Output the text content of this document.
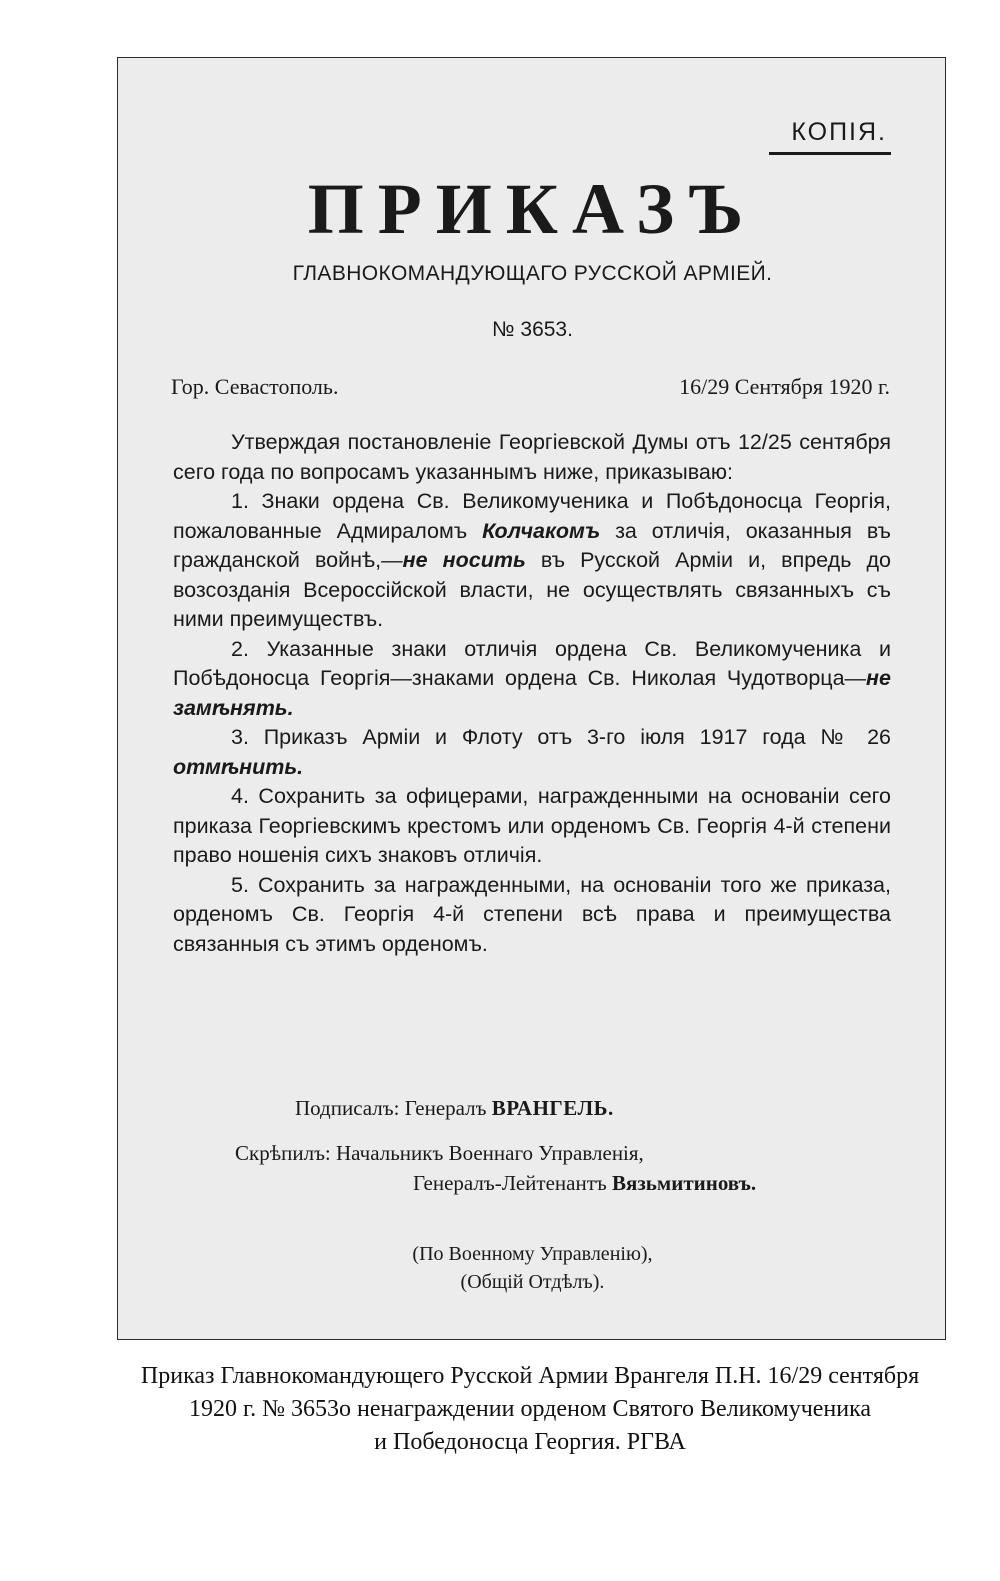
КОПІЯ.
ПРИКАЗЪ
ГЛАВНОКОМАНДУЮЩАГО РУССКОЙ АРМІЕЙ.
№ 3653.
Гор. Севастополь.	16/29 Сентября 1920 г.

Утверждая постановленіе Георгіевской Думы отъ 12/25 сентября сего года по вопросамъ указаннымъ ниже, приказываю:

1. Знаки ордена Св. Великомученика и Побѣдоносца Георгія, пожалованные Адмираломъ Колчакомъ за отличія, оказанныя въ гражданской войнѣ,—не носить въ Русской Арміи и, впредь до возсозданія Всероссійской власти, не осуществлять связанныхъ съ ними преимуществъ.

2. Указанные знаки отличія ордена Св. Великомученика и Побѣдоносца Георгія—знаками ордена Св. Николая Чудотворца—не замѣнять.

3. Приказъ Арміи и Флоту отъ 3-го іюля 1917 года № 26 отмѣнить.

4. Сохранить за офицерами, награжденными на основаніи сего приказа Георгіевскимъ крестомъ или орденомъ Св. Георгія 4-й степени право ношенія сихъ знаковъ отличія.

5. Сохранить за награжденными, на основаніи того же приказа, орденомъ Св. Георгія 4-й степени всѣ права и преимущества связанныя съ этимъ орденомъ.

Подписалъ: Генералъ ВРАНГЕЛЬ.
Скрѣпилъ: Начальникъ Военнаго Управленія,
Генералъ-Лейтенантъ Вязьмитиновъ.
(По Военному Управленію),
(Общій Отдѣлъ).
Приказ Главнокомандующего Русской Армии Врангеля П.Н. 16/29 сентября
1920 г. № 3653о ненаграждении орденом Святого Великомученика
и Победоносца Георгия. РГВА
